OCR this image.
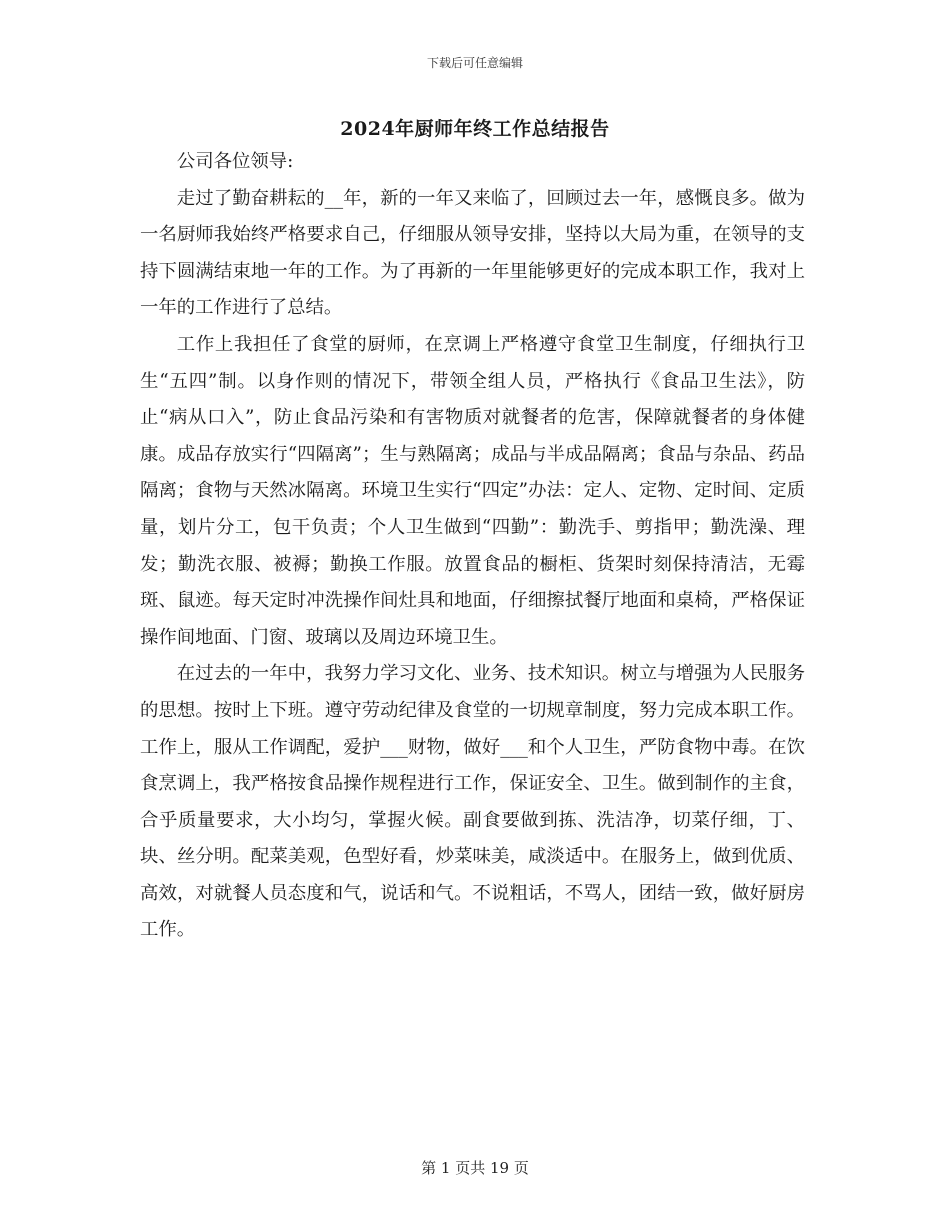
下载后可任意编辑
2024年厨师年终工作总结报告

公司各位领导:

走过了勤奋耕耘的__年，新的一年又来临了，回顾过去一年，感慨良多。做为一名厨师我始终严格要求自己，仔细服从领导安排，坚持以大局为重，在领导的支持下圆满结束地一年的工作。为了再新的一年里能够更好的完成本职工作，我对上一年的工作进行了总结。

工作上我担任了食堂的厨师，在烹调上严格遵守食堂卫生制度，仔细执行卫生“五四”制。以身作则的情况下，带领全组人员，严格执行《食品卫生法》，防止“病从口入”，防止食品污染和有害物质对就餐者的危害，保障就餐者的身体健康。成品存放实行“四隔离”；生与熟隔离；成品与半成品隔离；食品与杂品、药品隔离；食物与天然冰隔离。环境卫生实行“四定”办法：定人、定物、定时间、定质量，划片分工，包干负责；个人卫生做到“四勤”：勤洗手、剪指甲；勤洗澡、理发；勤洗衣服、被褥；勤换工作服。放置食品的橱柜、货架时刻保持清洁，无霉斑、鼠迹。每天定时冲洗操作间灶具和地面，仔细擦拭餐厅地面和桌椅，严格保证操作间地面、门窗、玻璃以及周边环境卫生。

在过去的一年中，我努力学习文化、业务、技术知识。树立与增强为人民服务的思想。按时上下班。遵守劳动纪律及食堂的一切规章制度，努力完成本职工作。工作上，服从工作调配，爱护___财物，做好___和个人卫生，严防食物中毒。在饮食烹调上，我严格按食品操作规程进行工作，保证安全、卫生。做到制作的主食，合乎质量要求，大小均匀，掌握火候。副食要做到拣、洗洁净，切菜仔细，丁、块、丝分明。配菜美观，色型好看，炒菜味美，咸淡适中。在服务上，做到优质、高效，对就餐人员态度和气，说话和气。不说粗话，不骂人，团结一致，做好厨房工作。

第 1 页共 19 页
